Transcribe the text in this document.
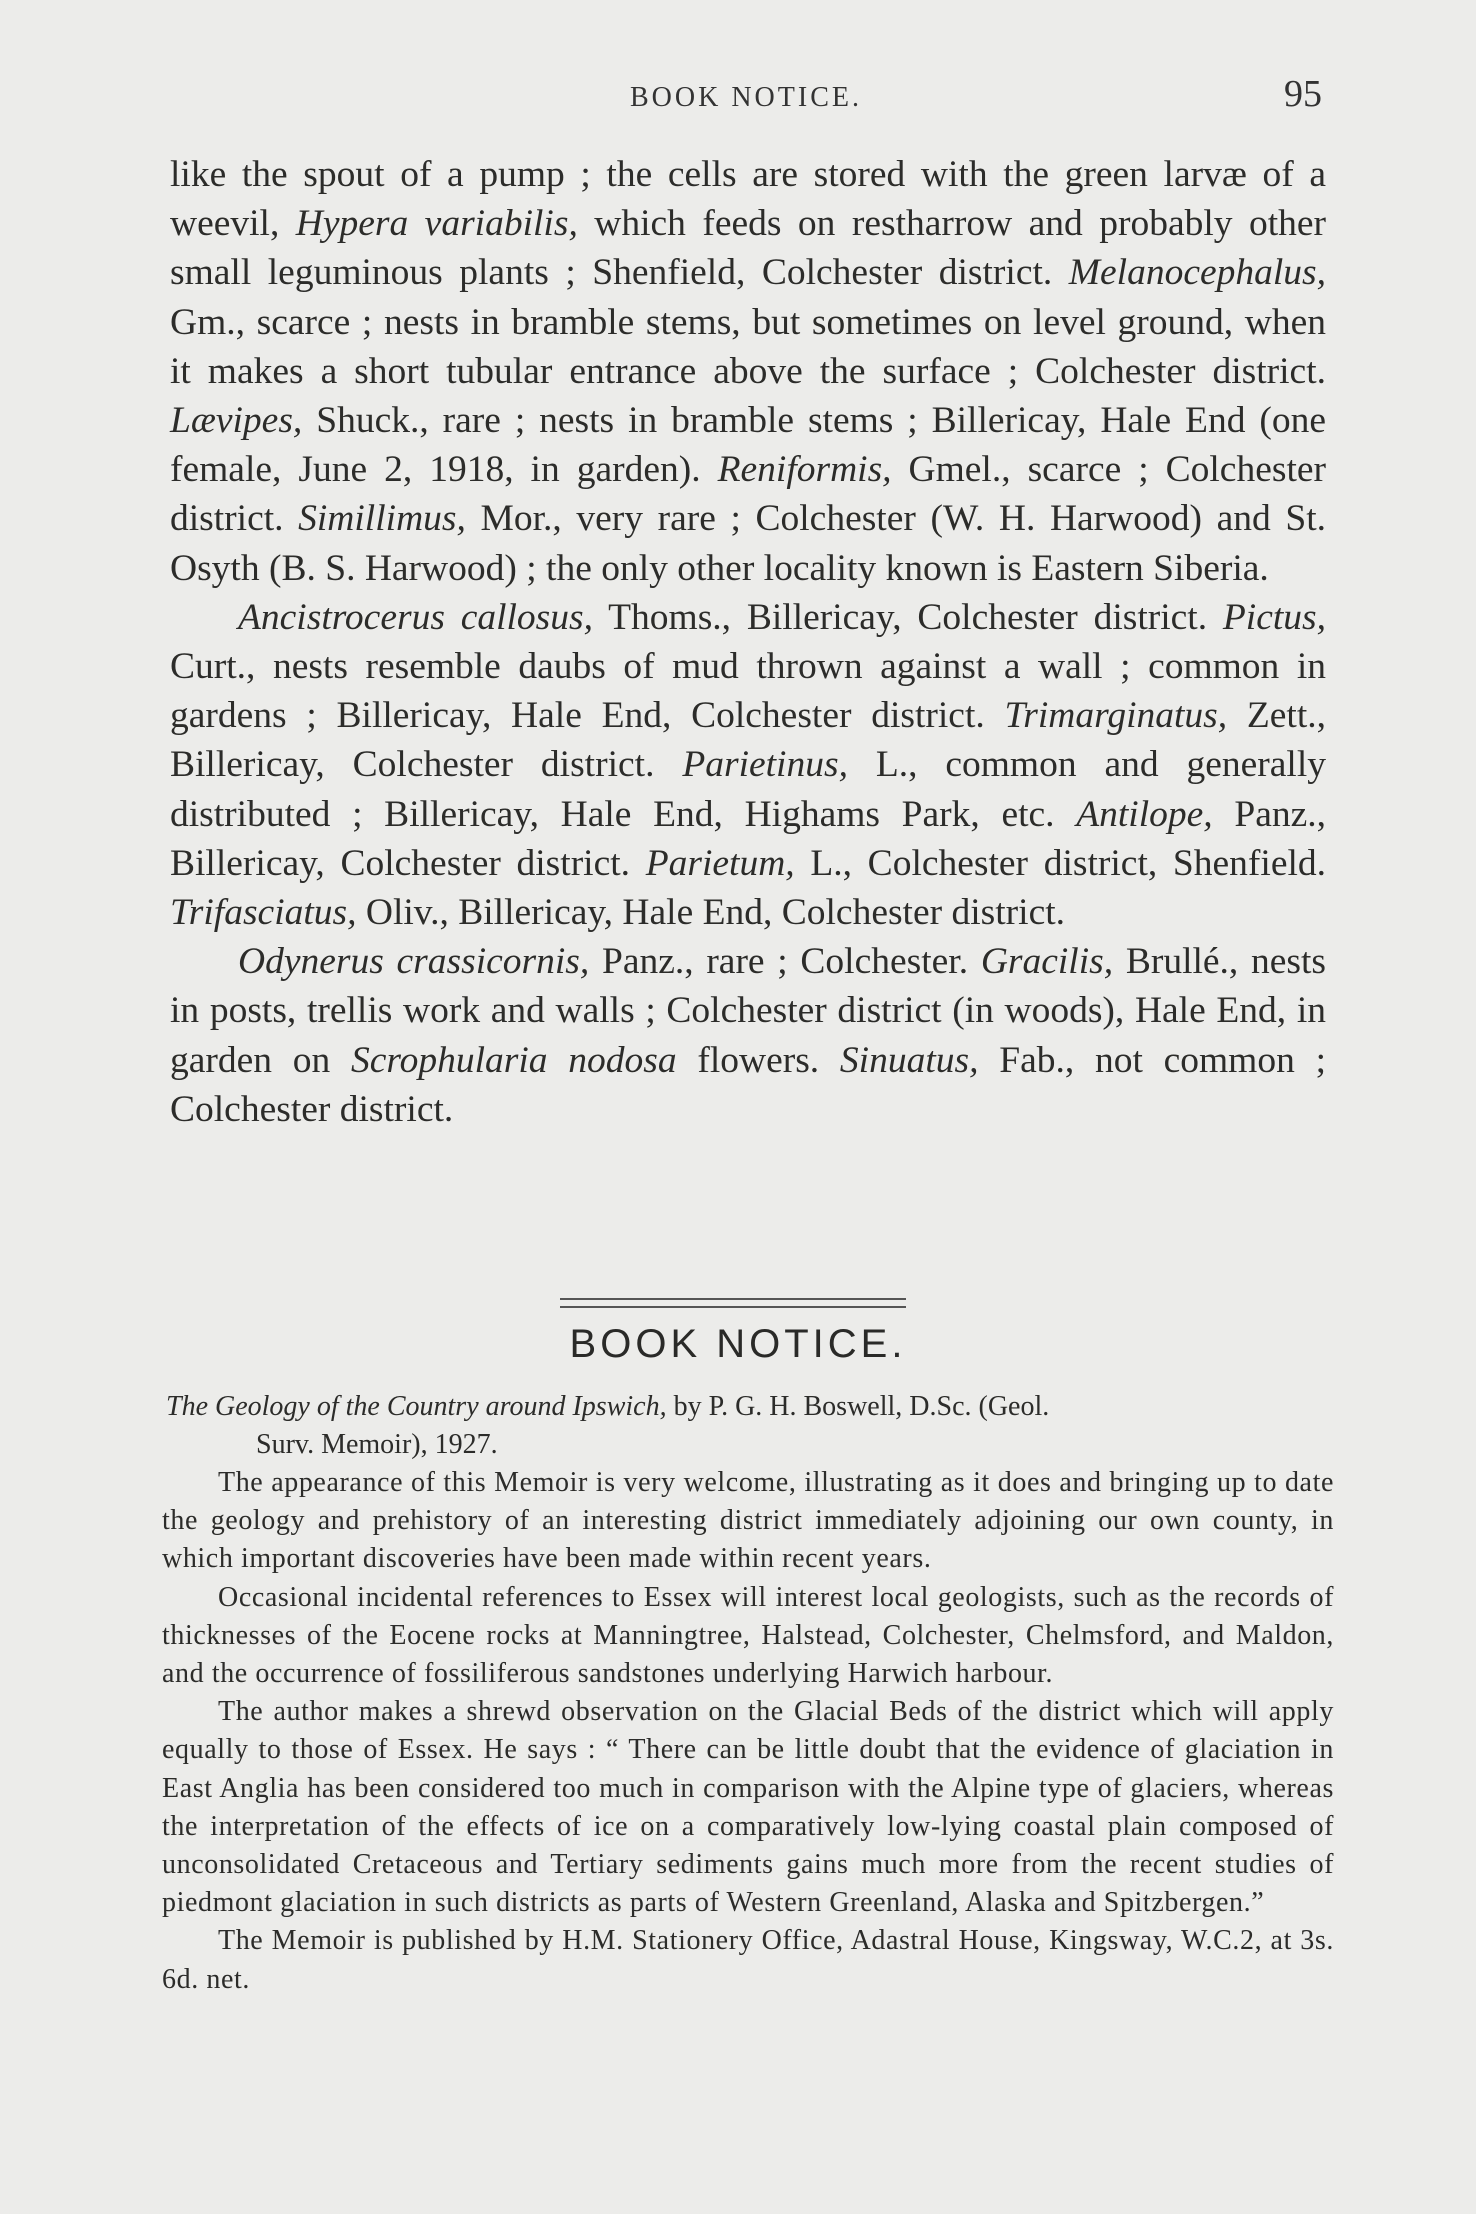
BOOK NOTICE.	95

like the spout of a pump ; the cells are stored with the green larvæ of a weevil, Hypera variabilis, which feeds on restharrow and probably other small leguminous plants ; Shenfield, Colchester district. Melanocephalus, Gm., scarce ; nests in bramble stems, but sometimes on level ground, when it makes a short tubular entrance above the surface ; Colchester district. Lævipes, Shuck., rare ; nests in bramble stems ; Billericay, Hale End (one female, June 2, 1918, in garden). Reniformis, Gmel., scarce ; Colchester district. Simillimus, Mor., very rare ; Colchester (W. H. Harwood) and St. Osyth (B. S. Harwood) ; the only other locality known is Eastern Siberia.

Ancistrocerus callosus, Thoms., Billericay, Colchester district. Pictus, Curt., nests resemble daubs of mud thrown against a wall ; common in gardens ; Billericay, Hale End, Colchester district. Trimarginatus, Zett., Billericay, Colchester district. Parietinus, L., common and generally distributed ; Billericay, Hale End, Highams Park, etc. Antilope, Panz., Billericay, Colchester district. Parietum, L., Colchester district, Shenfield. Trifasciatus, Oliv., Billericay, Hale End, Colchester district.

Odynerus crassicornis, Panz., rare ; Colchester. Gracilis, Brullé., nests in posts, trellis work and walls ; Colchester district (in woods), Hale End, in garden on Scrophularia nodosa flowers. Sinuatus, Fab., not common ; Colchester district.

BOOK NOTICE.
The Geology of the Country around Ipswich, by P. G. H. Boswell, D.Sc. (Geol.
Surv. Memoir), 1927.

The appearance of this Memoir is very welcome, illustrating as it does and bringing up to date the geology and prehistory of an interesting district immediately adjoining our own county, in which important discoveries have been made within recent years.

Occasional incidental references to Essex will interest local geologists, such as the records of thicknesses of the Eocene rocks at Manningtree, Halstead, Colchester, Chelmsford, and Maldon, and the occurrence of fossiliferous sandstones underlying Harwich harbour.

The author makes a shrewd observation on the Glacial Beds of the district which will apply equally to those of Essex. He says : “ There can be little doubt that the evidence of glaciation in East Anglia has been considered too much in comparison with the Alpine type of glaciers, whereas the interpretation of the effects of ice on a comparatively low-lying coastal plain composed of unconsolidated Cretaceous and Tertiary sediments gains much more from the recent studies of piedmont glaciation in such districts as parts of Western Greenland, Alaska and Spitzbergen.”

The Memoir is published by H.M. Stationery Office, Adastral House, Kingsway, W.C.2, at 3s. 6d. net.
